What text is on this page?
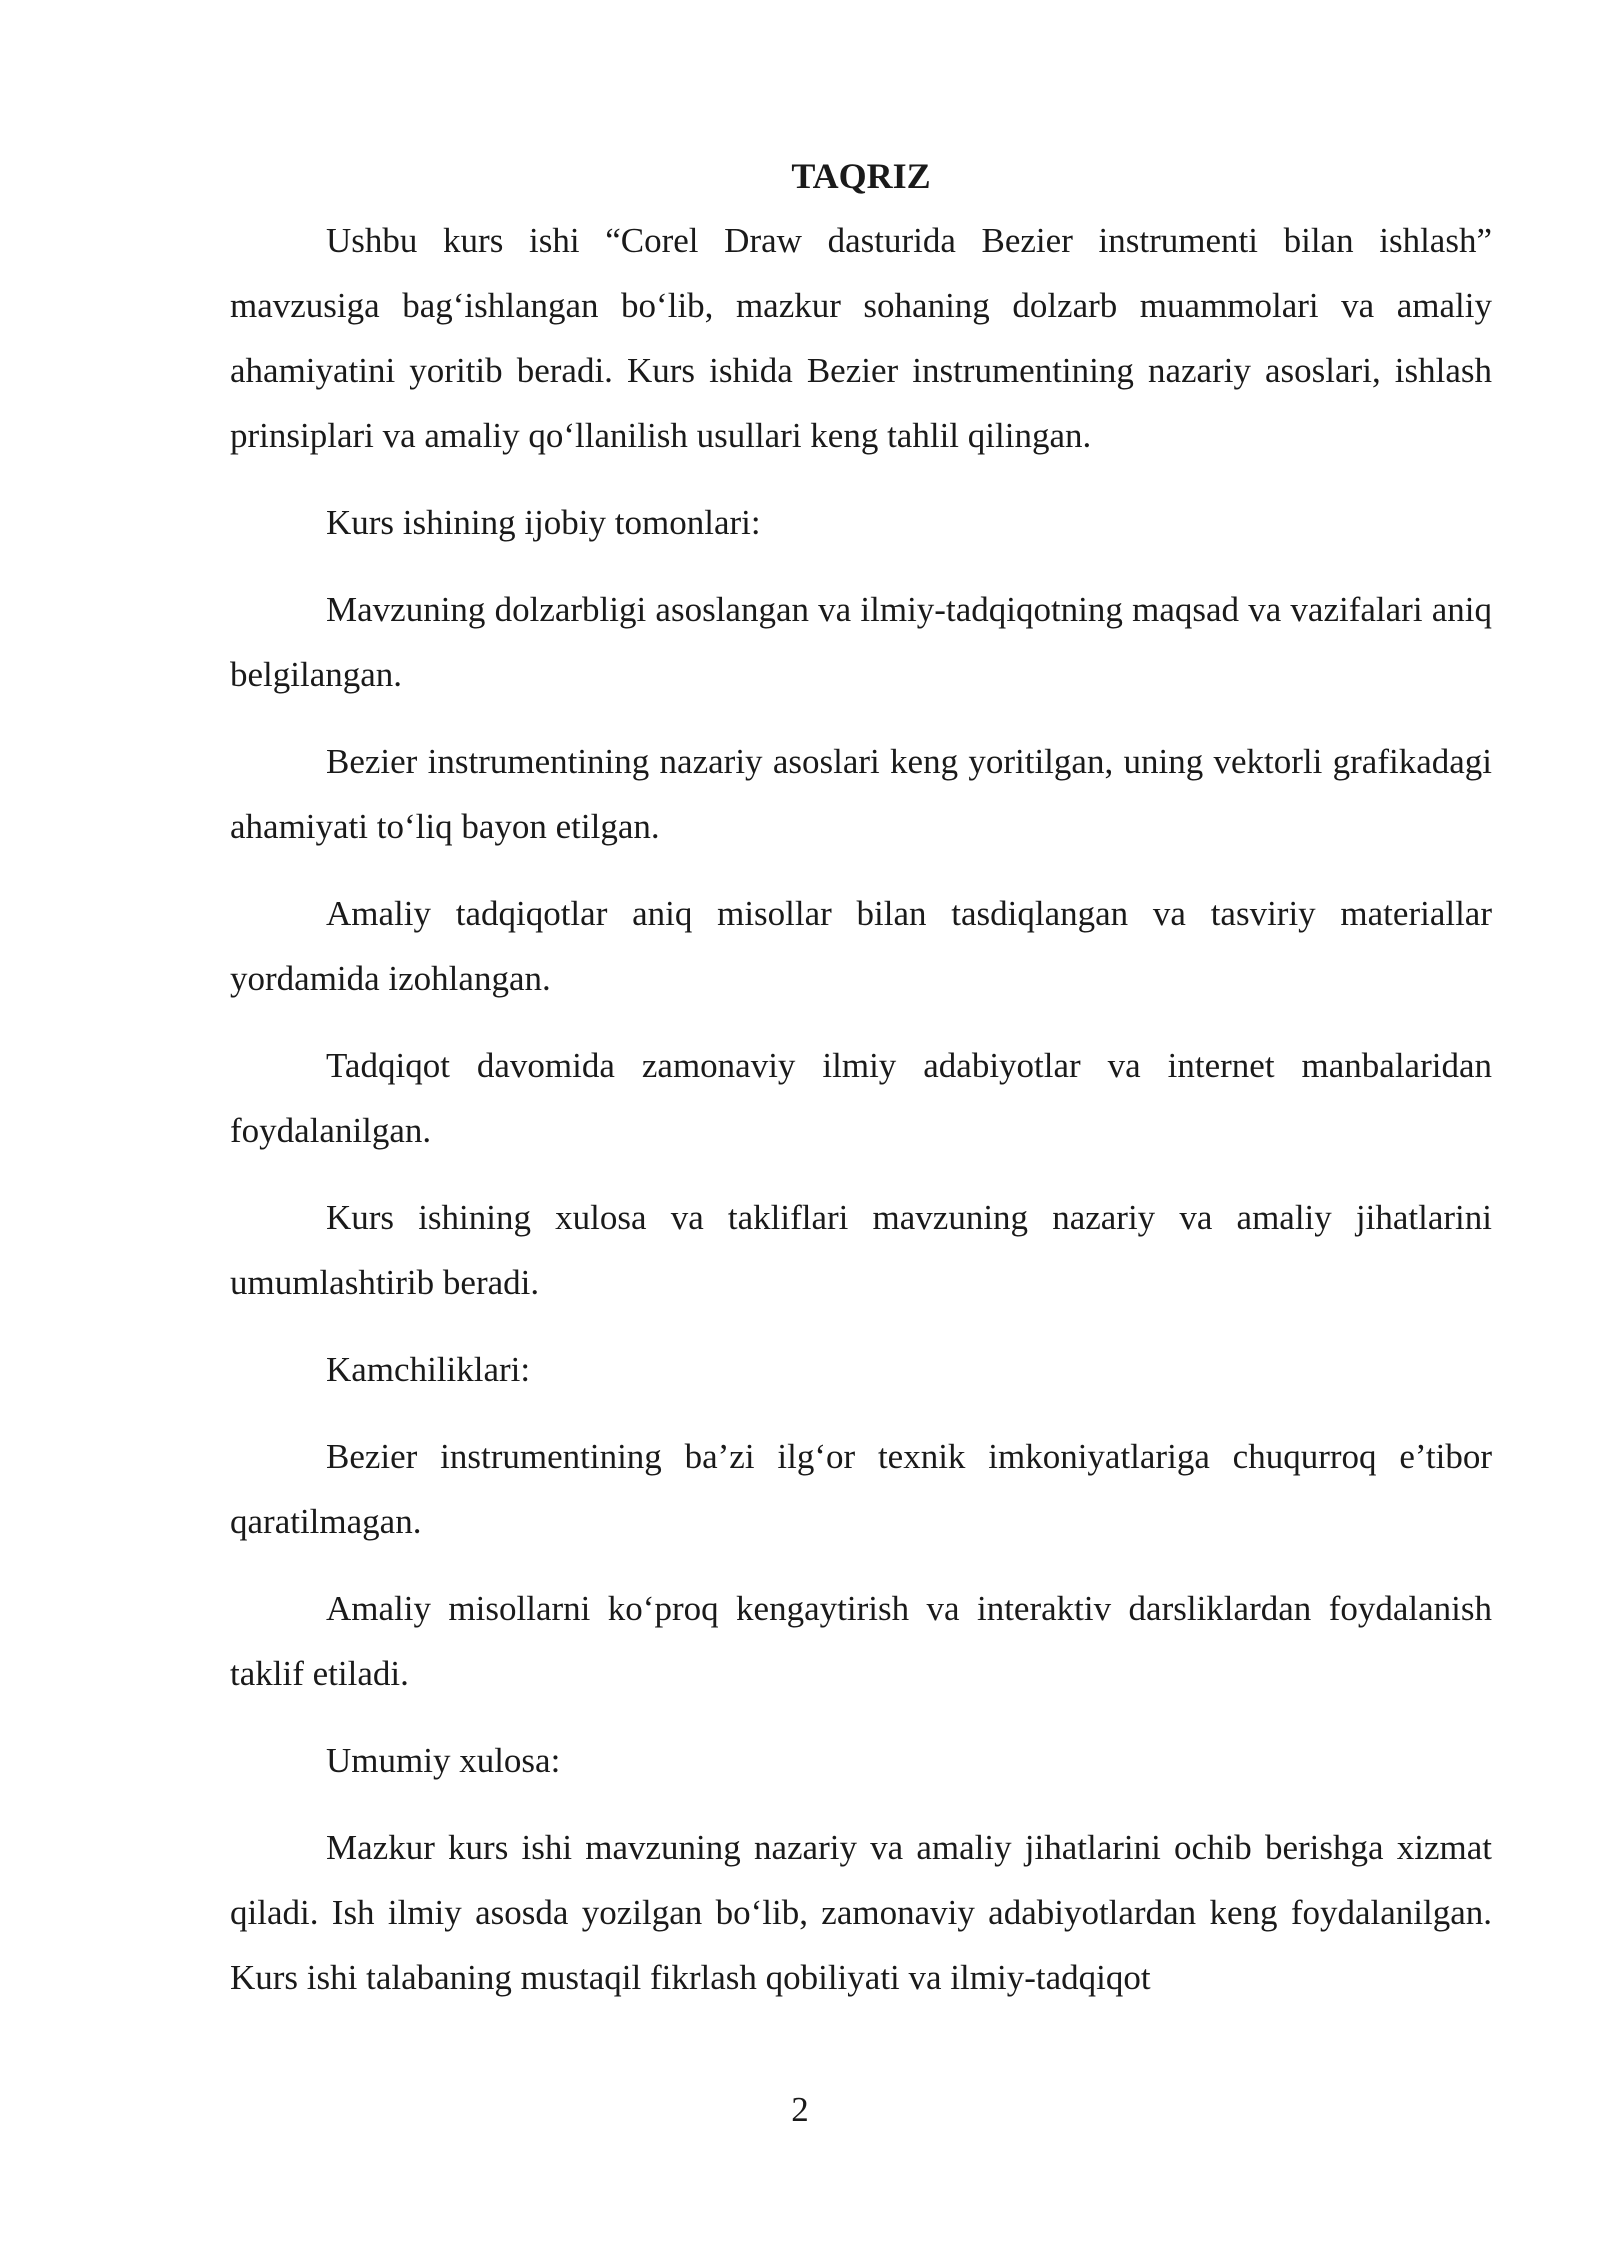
TAQRIZ

Ushbu kurs ishi “Corel Draw dasturida Bezier instrumenti bilan ishlash” mavzusiga bag‘ishlangan bo‘lib, mazkur sohaning dolzarb muammolari va amaliy ahamiyatini yoritib beradi. Kurs ishida Bezier instrumentining nazariy asoslari, ishlash prinsiplari va amaliy qo‘llanilish usullari keng tahlil qilingan.

Kurs ishining ijobiy tomonlari:

Mavzuning dolzarbligi asoslangan va ilmiy-tadqiqotning maqsad va vazifalari aniq belgilangan.

Bezier instrumentining nazariy asoslari keng yoritilgan, uning vektorli grafikadagi ahamiyati to‘liq bayon etilgan.

Amaliy tadqiqotlar aniq misollar bilan tasdiqlangan va tasviriy materiallar yordamida izohlangan.

Tadqiqot davomida zamonaviy ilmiy adabiyotlar va internet manbalaridan foydalanilgan.

Kurs ishining xulosa va takliflari mavzuning nazariy va amaliy jihatlarini umumlashtirib beradi.

Kamchiliklari:

Bezier instrumentining ba’zi ilg‘or texnik imkoniyatlariga chuqurroq e’tibor qaratilmagan.

Amaliy misollarni ko‘proq kengaytirish va interaktiv darsliklardan foydalanish taklif etiladi.

Umumiy xulosa:

Mazkur kurs ishi mavzuning nazariy va amaliy jihatlarini ochib berishga xizmat qiladi. Ish ilmiy asosda yozilgan bo‘lib, zamonaviy adabiyotlardan keng foydalanilgan. Kurs ishi talabaning mustaqil fikrlash qobiliyati va ilmiy-tadqiqot

2
